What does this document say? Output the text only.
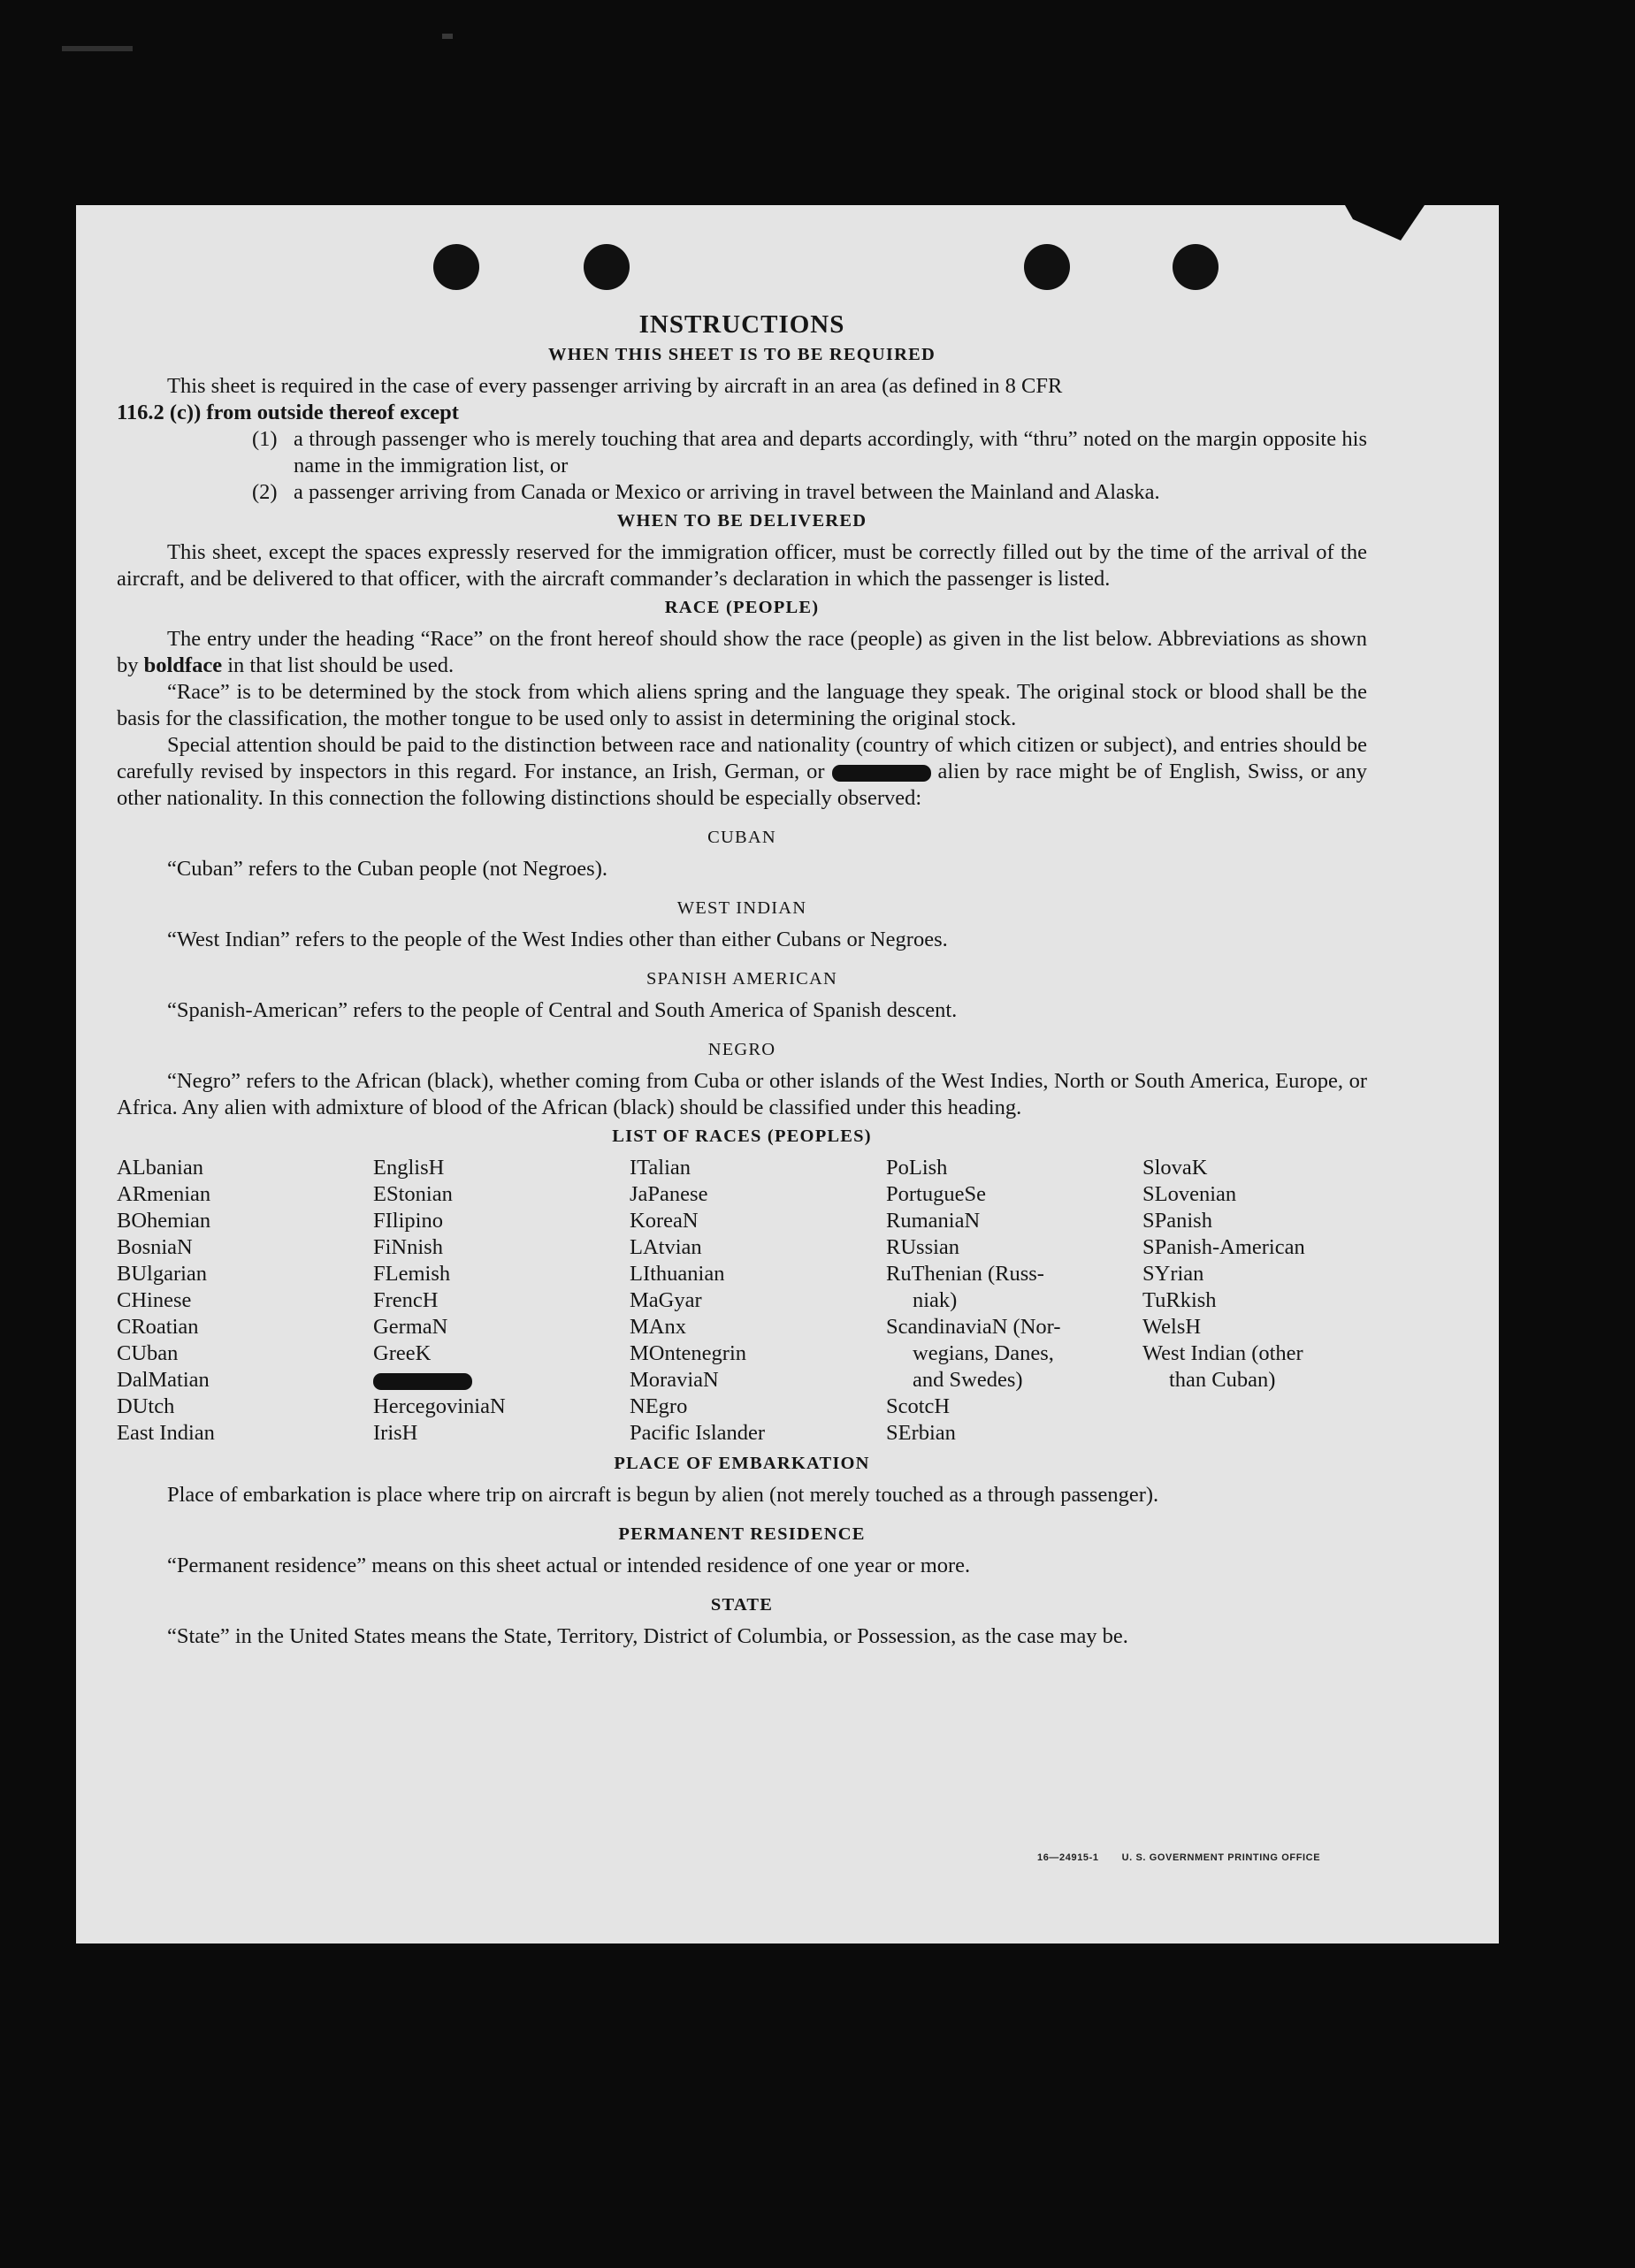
INSTRUCTIONS
WHEN THIS SHEET IS TO BE REQUIRED

This sheet is required in the case of every passenger arriving by aircraft in an area (as defined in 8 CFR
116.2 (c)) from outside thereof except

(1) a through passenger who is merely touching that area and departs accordingly, with “thru” noted on the margin opposite his name in the immigration list, or

(2) a passenger arriving from Canada or Mexico or arriving in travel between the Mainland and Alaska.

WHEN TO BE DELIVERED

This sheet, except the spaces expressly reserved for the immigration officer, must be correctly filled out by the time of the arrival of the aircraft, and be delivered to that officer, with the aircraft commander’s declaration in which the passenger is listed.

RACE (PEOPLE)

The entry under the heading “Race” on the front hereof should show the race (people) as given in the list below. Abbreviations as shown by boldface in that list should be used.

“Race” is to be determined by the stock from which aliens spring and the language they speak. The original stock or blood shall be the basis for the classification, the mother tongue to be used only to assist in determining the original stock.

Special attention should be paid to the distinction between race and nationality (country of which citizen or subject), and entries should be carefully revised by inspectors in this regard. For instance, an Irish, German, or	alien by race might be of English, Swiss, or any other nationality. In this connection the following distinctions should be especially observed:

CUBAN

“Cuban” refers to the Cuban people (not Negroes).

WEST INDIAN

“West Indian” refers to the people of the West Indies other than either Cubans or Negroes.

SPANISH AMERICAN

“Spanish-American” refers to the people of Central and South America of Spanish descent.

NEGRO

“Negro” refers to the African (black), whether coming from Cuba or other islands of the West Indies, North or South America, Europe, or Africa. Any alien with admixture of blood of the African (black) should be classified under this heading.

LIST OF RACES (PEOPLES)
ALbanian
ARmenian
BOhemian
BosniaN
BUlgarian
CHinese
CRoatian
CUban
DalMatian
DUtch
East Indian
EnglisH
EStonian
FIlipino
FiNnish
FLemish
FrencH
GermaN
GreeK
HercegoviniaN
IrisH
ITalian
JaPanese
KoreaN
LAtvian
LIthuanian
MaGyar
MAnx
MOntenegrin
MoraviaN
NEgro
Pacific Islander
PoLish
PortugueSe
RumaniaN
RUssian
RuThenian (Russ-
niak)
ScandinaviaN (Nor-
wegians, Danes,
and Swedes)
ScotcH
SErbian
SlovaK
SLovenian
SPanish
SPanish-American
SYrian
TuRkish
WelsH
West Indian (other
than Cuban)
PLACE OF EMBARKATION

Place of embarkation is place where trip on aircraft is begun by alien (not merely touched as a through passenger).

PERMANENT RESIDENCE

“Permanent residence” means on this sheet actual or intended residence of one year or more.

STATE

“State” in the United States means the State, Territory, District of Columbia, or Possession, as the case may be.

16—24915-1 U. S. GOVERNMENT PRINTING OFFICE
